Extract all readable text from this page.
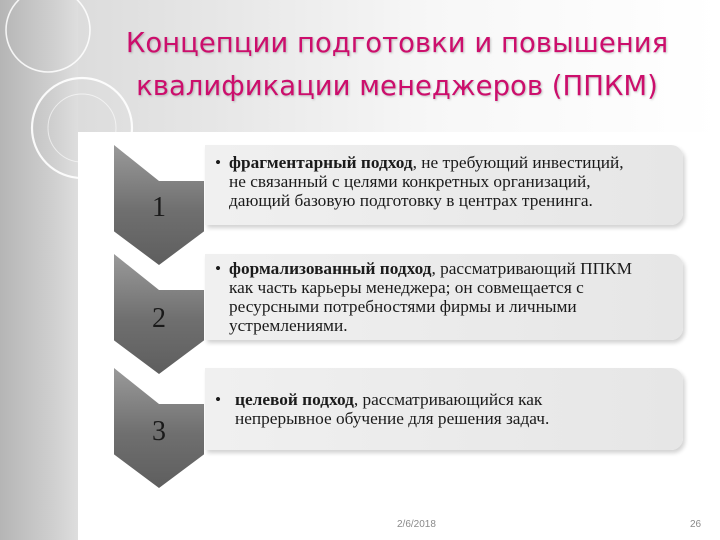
Концепции подготовки и повышения
квалификации менеджеров (ППКМ)
1
• фрагментарный подход, не требующий инвестиций,
не связанный с целями конкретных организаций,
дающий базовую подготовку в центрах тренинга.
2
• формализованный подход, рассматривающий ППКМ
как часть карьеры менеджера; он совмещается с
ресурсными потребностями фирмы и личными
устремлениями.
3
• целевой подход, рассматривающийся как
непрерывное обучение для решения задач.
2/6/2018	26
